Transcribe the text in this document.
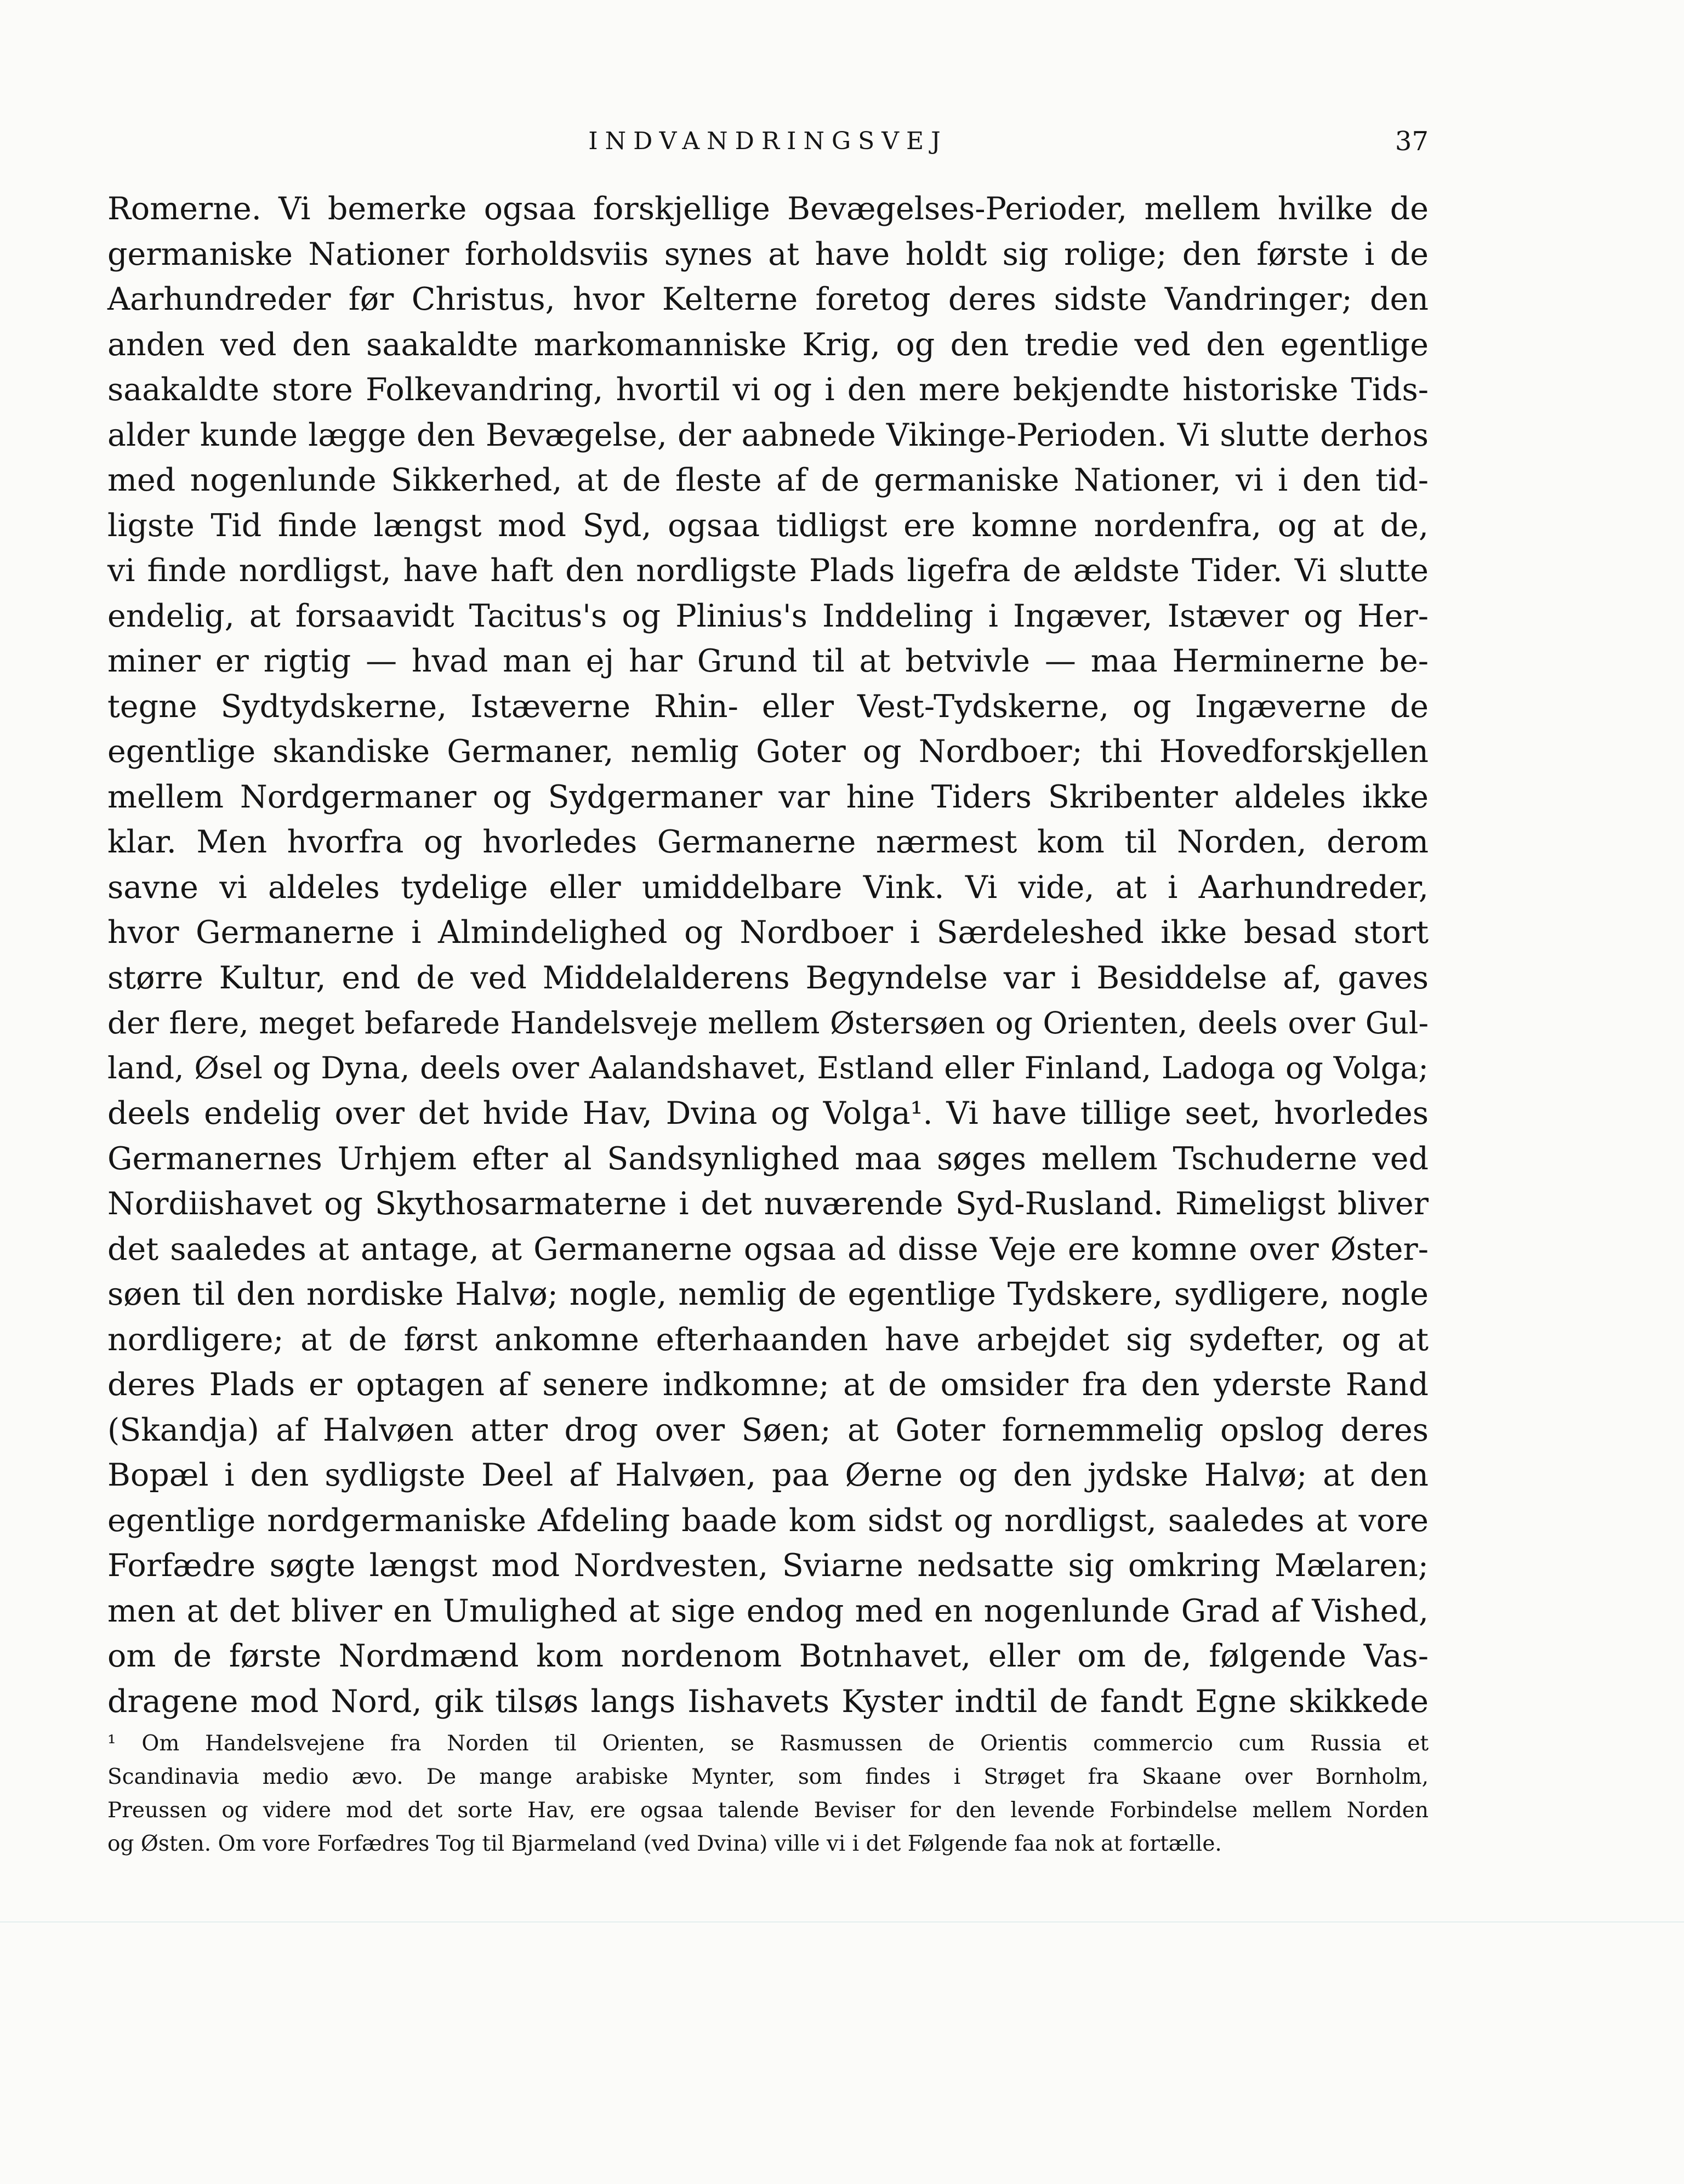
INDVANDRINGSVEJ	37
Romerne. Vi bemerke ogsaa forskjellige Bevægelses-Perioder, mellem hvilke de
germaniske Nationer forholdsviis synes at have holdt sig rolige; den første i de
Aarhundreder før Christus, hvor Kelterne foretog deres sidste Vandringer; den
anden ved den saakaldte markomanniske Krig, og den tredie ved den egentlige
saakaldte store Folkevandring, hvortil vi og i den mere bekjendte historiske Tids-
alder kunde lægge den Bevægelse, der aabnede Vikinge-Perioden. Vi slutte derhos
med nogenlunde Sikkerhed, at de fleste af de germaniske Nationer, vi i den tid-
ligste Tid finde længst mod Syd, ogsaa tidligst ere komne nordenfra, og at de,
vi finde nordligst, have haft den nordligste Plads ligefra de ældste Tider. Vi slutte
endelig, at forsaavidt Tacitus's og Plinius's Inddeling i Ingæver, Istæver og Her-
miner er rigtig — hvad man ej har Grund til at betvivle — maa Herminerne be-
tegne Sydtydskerne, Istæverne Rhin- eller Vest-Tydskerne, og Ingæverne de
egentlige skandiske Germaner, nemlig Goter og Nordboer; thi Hovedforskjellen
mellem Nordgermaner og Sydgermaner var hine Tiders Skribenter aldeles ikke
klar. Men hvorfra og hvorledes Germanerne nærmest kom til Norden, derom
savne vi aldeles tydelige eller umiddelbare Vink. Vi vide, at i Aarhundreder,
hvor Germanerne i Almindelighed og Nordboer i Særdeleshed ikke besad stort
større Kultur, end de ved Middelalderens Begyndelse var i Besiddelse af, gaves
der flere, meget befarede Handelsveje mellem Østersøen og Orienten, deels over Gul-
land, Øsel og Dyna, deels over Aalandshavet, Estland eller Finland, Ladoga og Volga;
deels endelig over det hvide Hav, Dvina og Volga¹. Vi have tillige seet, hvorledes
Germanernes Urhjem efter al Sandsynlighed maa søges mellem Tschuderne ved
Nordiishavet og Skythosarmaterne i det nuværende Syd-Rusland. Rimeligst bliver
det saaledes at antage, at Germanerne ogsaa ad disse Veje ere komne over Øster-
søen til den nordiske Halvø; nogle, nemlig de egentlige Tydskere, sydligere, nogle
nordligere; at de først ankomne efterhaanden have arbejdet sig sydefter, og at
deres Plads er optagen af senere indkomne; at de omsider fra den yderste Rand
(Skandja) af Halvøen atter drog over Søen; at Goter fornemmelig opslog deres
Bopæl i den sydligste Deel af Halvøen, paa Øerne og den jydske Halvø; at den
egentlige nordgermaniske Afdeling baade kom sidst og nordligst, saaledes at vore
Forfædre søgte længst mod Nordvesten, Sviarne nedsatte sig omkring Mælaren;
men at det bliver en Umulighed at sige endog med en nogenlunde Grad af Vished,
om de første Nordmænd kom nordenom Botnhavet, eller om de, følgende Vas-
dragene mod Nord, gik tilsøs langs Iishavets Kyster indtil de fandt Egne skikkede
¹ Om Handelsvejene fra Norden til Orienten, se Rasmussen de Orientis commercio cum Russia et
Scandinavia medio ævo. De mange arabiske Mynter, som findes i Strøget fra Skaane over Bornholm,
Preussen og videre mod det sorte Hav, ere ogsaa talende Beviser for den levende Forbindelse mellem Norden
og Østen. Om vore Forfædres Tog til Bjarmeland (ved Dvina) ville vi i det Følgende faa nok at fortælle.
